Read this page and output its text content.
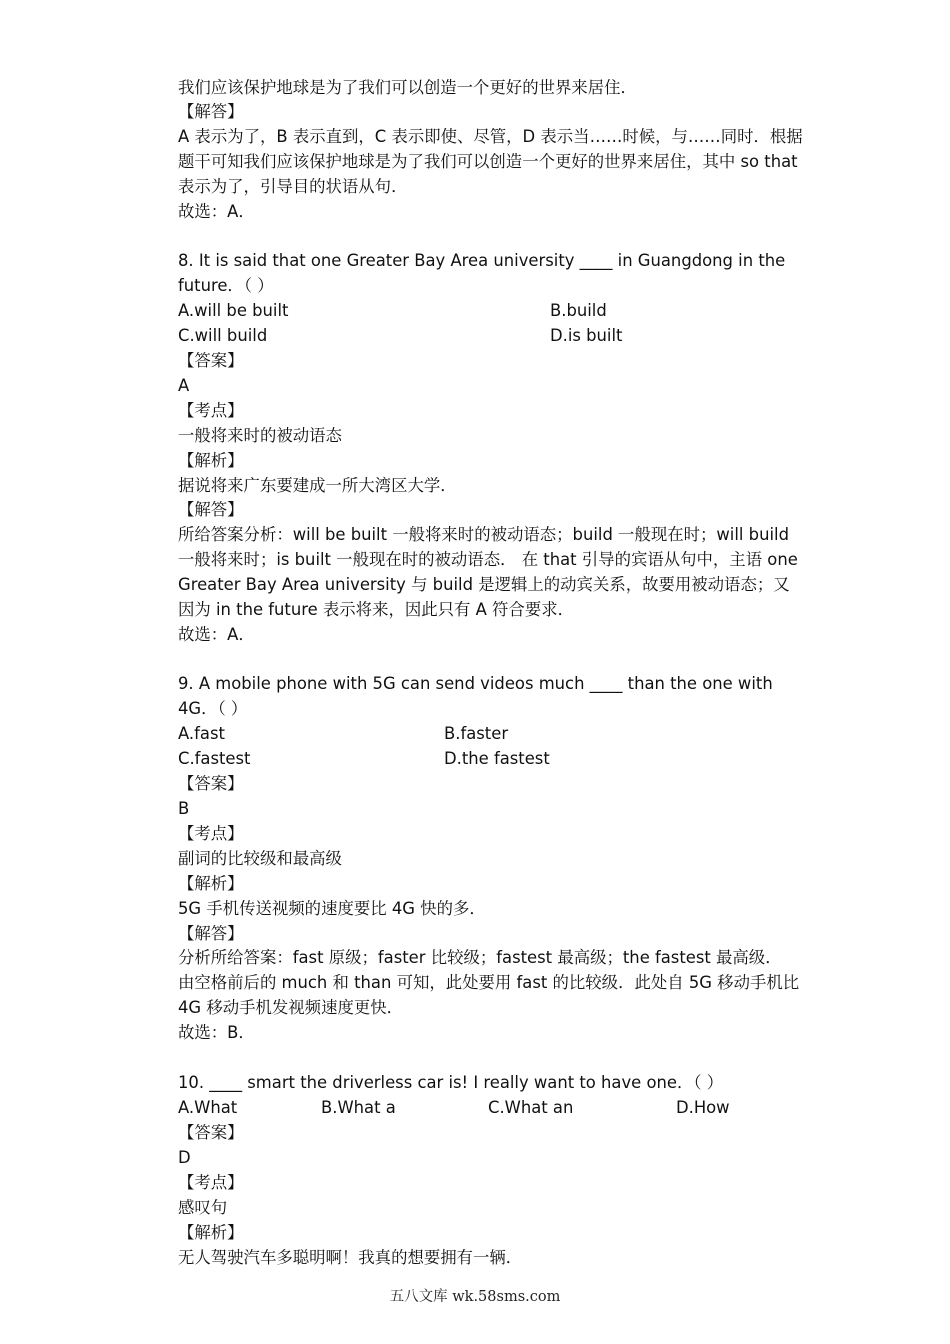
我们应该保护地球是为了我们可以创造一个更好的世界来居住．
【解答】
A 表示为了，B 表示直到，C 表示即使、尽管，D 表示当……时候，与……同时．根据
题干可知我们应该保护地球是为了我们可以创造一个更好的世界来居住，其中 so that
表示为了，引导目的状语从句．
故选：A．
8. It is said that one Greater Bay Area university ____ in Guangdong in the
future．（ ）
A.will be built	B.build
C.will build	D.is built
【答案】
A
【考点】
一般将来时的被动语态
【解析】
据说将来广东要建成一所大湾区大学．
【解答】
所给答案分析：will be built 一般将来时的被动语态；build 一般现在时；will build
一般将来时；is built 一般现在时的被动语态． 在 that 引导的宾语从句中，主语 one
Greater Bay Area university 与 build 是逻辑上的动宾关系，故要用被动语态；又
因为 in the future 表示将来，因此只有 A 符合要求．
故选：A．
9. A mobile phone with 5G can send videos much ____ than the one with
4G．（ ）
A.fast	B.faster
C.fastest	D.the fastest
【答案】
B
【考点】
副词的比较级和最高级
【解析】
5G 手机传送视频的速度要比 4G 快的多．
【解答】
分析所给答案：fast 原级；faster 比较级；fastest 最高级；the fastest 最高级．
由空格前后的 much 和 than 可知，此处要用 fast 的比较级．此处自 5G 移动手机比
4G 移动手机发视频速度更快．
故选：B．
10. ____ smart the driverless car is! I really want to have one．（ ）
A.What	B.What a	C.What an	D.How
【答案】
D
【考点】
感叹句
【解析】
无人驾驶汽车多聪明啊！我真的想要拥有一辆．
五八文库 wk.58sms.com
